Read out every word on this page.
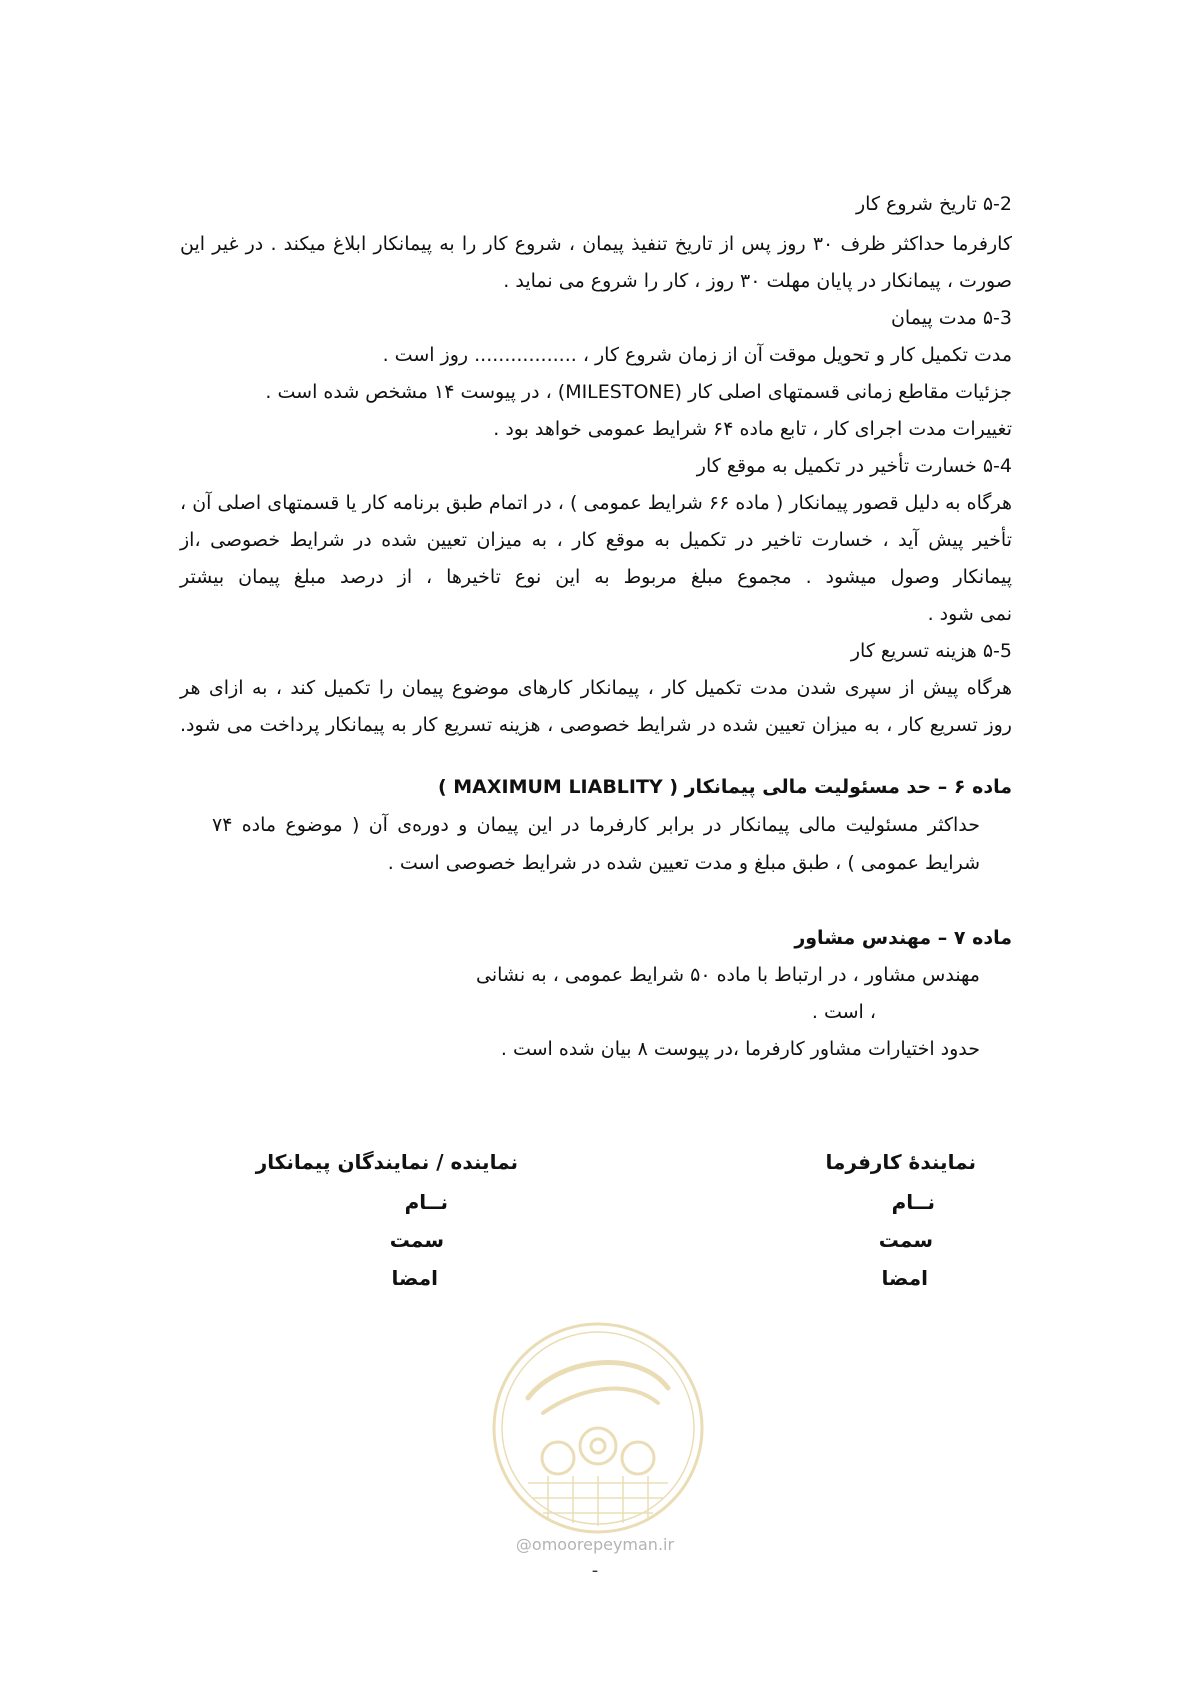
۵-2 تاریخ شروع کار
کارفرما حداکثر ظرف ۳۰ روز پس از تاریخ تنفیذ پیمان ، شروع کار را به پیمانکار ابلاغ میکند . در غیر این
صورت ، پیمانکار در پایان مهلت ۳۰ روز ، کار را شروع می نماید .
۵-3 مدت پیمان
مدت تکمیل کار و تحویل موقت آن از زمان شروع کار ، ................. روز است .
جزئیات مقاطع زمانی قسمتهای اصلی کار (MILESTONE) ، در پیوست ۱۴ مشخص شده است .
تغییرات مدت اجرای کار ، تابع ماده ۶۴ شرایط عمومی خواهد بود .
۵-4 خسارت تأخیر در تکمیل به موقع کار
هرگاه به دلیل قصور پیمانکار ( ماده ۶۶ شرایط عمومی ) ، در اتمام طبق برنامه کار یا قسمتهای اصلی آن ،
تأخیر پیش آید ، خسارت تاخیر در تکمیل به موقع کار ، به میزان تعیین شده در شرایط خصوصی ،از
پیمانکار وصول میشود . مجموع مبلغ مربوط به این نوع تاخیرها ، از درصد مبلغ پیمان بیشتر
نمی شود .
۵-5 هزینه تسریع کار
هرگاه پیش از سپری شدن مدت تکمیل کار ، پیمانکار کارهای موضوع پیمان را تکمیل کند ، به ازای هر
روز تسریع کار ، به میزان تعیین شده در شرایط خصوصی ، هزینه تسریع کار به پیمانکار پرداخت می شود.
ماده ۶ – حد مسئولیت مالی پیمانکار ( MAXIMUM LIABLITY )
حداکثر مسئولیت مالی پیمانکار در برابر کارفرما در این پیمان و دوره‌ی آن ( موضوع ماده ۷۴
شرایط عمومی ) ، طبق مبلغ و مدت تعیین شده در شرایط خصوصی است .
ماده ۷ – مهندس مشاور
مهندس مشاور ، در ارتباط با ماده ۵۰ شرایط عمومی ، به نشانی
، است .
حدود اختیارات مشاور کارفرما ،در پیوست ۸ بیان شده است .
نمایندۀ کارفرما
نــام
سمت
امضا
نماینده / نمایندگان پیمانکار
نــام
سمت
امضا
@omoorepeyman.ir
-
